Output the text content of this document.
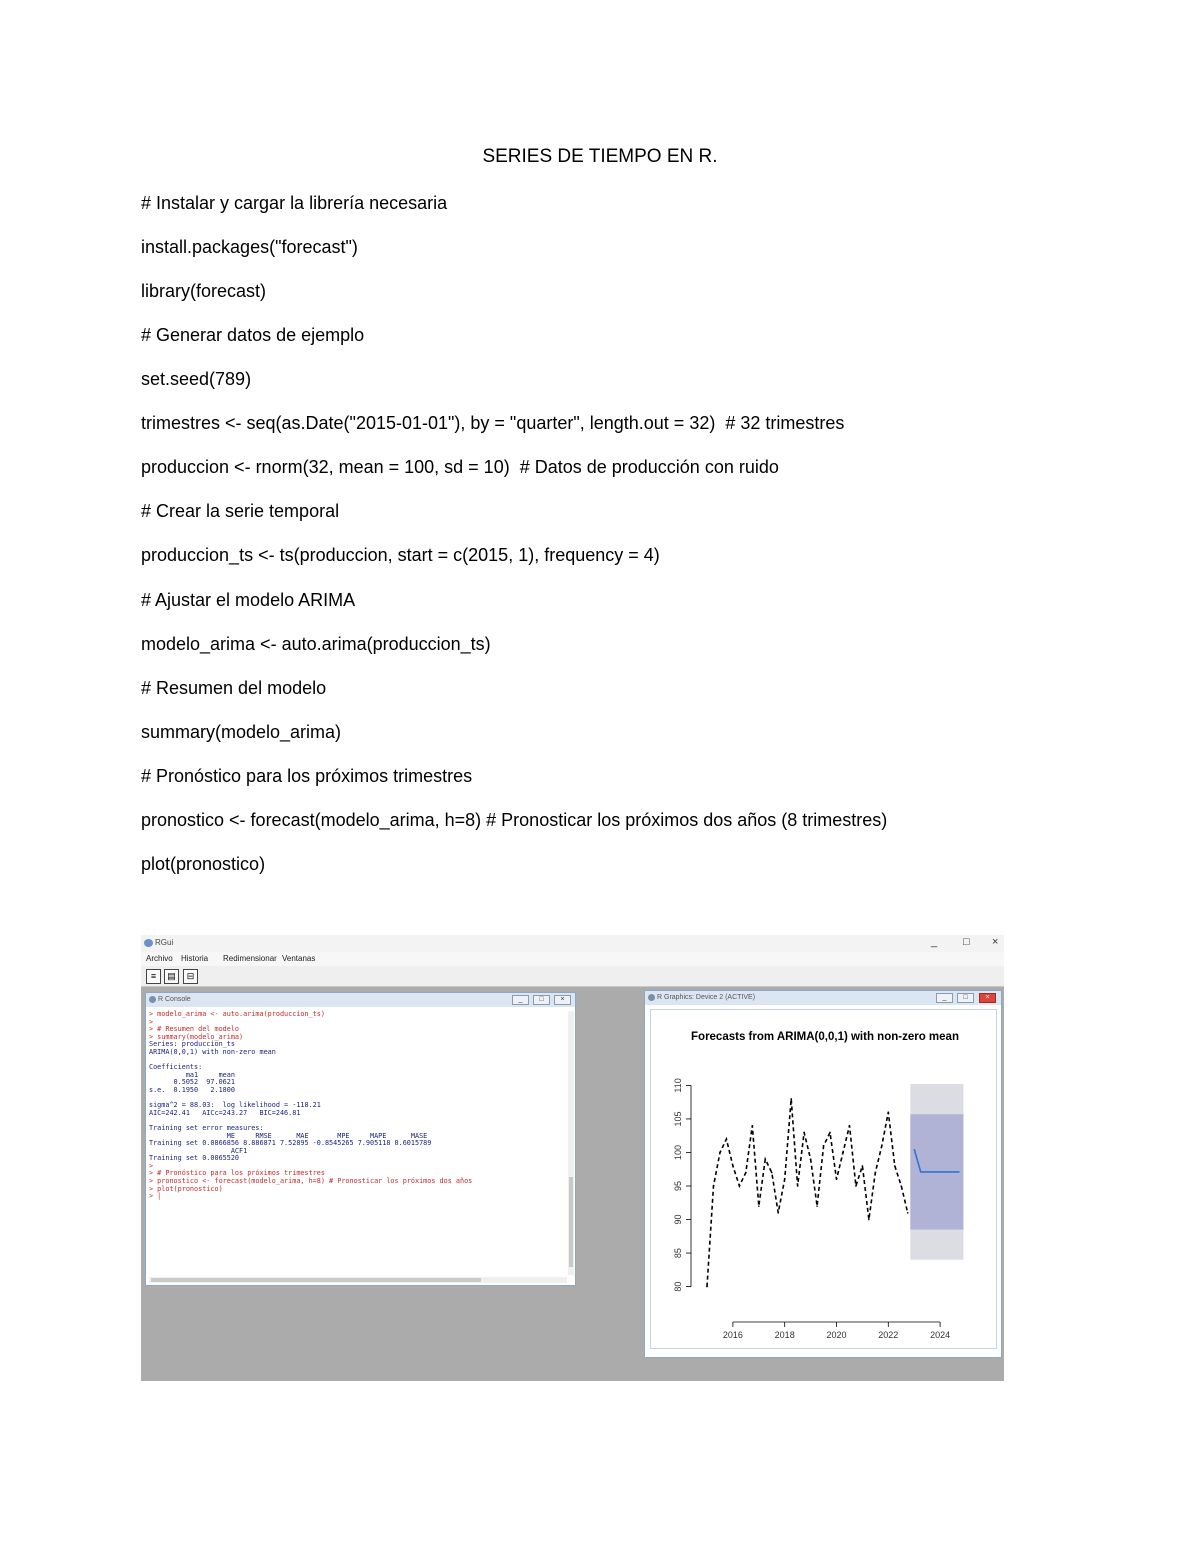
SERIES DE TIEMPO EN R.
# Instalar y cargar la librería necesaria
install.packages("forecast")
library(forecast)
# Generar datos de ejemplo
set.seed(789)
trimestres <- seq(as.Date("2015-01-01"), by = "quarter", length.out = 32)  # 32 trimestres
produccion <- rnorm(32, mean = 100, sd = 10)  # Datos de producción con ruido
# Crear la serie temporal
produccion_ts <- ts(produccion, start = c(2015, 1), frequency = 4)
# Ajustar el modelo ARIMA
modelo_arima <- auto.arima(produccion_ts)
# Resumen del modelo
summary(modelo_arima)
# Pronóstico para los próximos trimestres
pronostico <- forecast(modelo_arima, h=8) # Pronosticar los próximos dos años (8 trimestres)
plot(pronostico)
RGui	_ □ ×
Archivo Historia Redimensionar Ventanas
≡	▤	⊟
R Console	_	□	×
> modelo_arima <- auto.arima(produccion_ts)
>
> # Resumen del modelo
> summary(modelo_arima)
Series: produccion_ts
ARIMA(0,0,1) with non-zero mean
Coefficients:
ma1     mean
0.5052  97.0621
s.e.  0.1950   2.1800
sigma^2 = 88.03:  log likelihood = -118.21
AIC=242.41   AICc=243.27   BIC=246.81
Training set error measures:
ME     RMSE      MAE       MPE     MAPE      MASE
Training set 0.0866856 8.886871 7.52895 -0.8545265 7.905118 0.6015789
ACF1
Training set 0.0065520
>
> # Pronóstico para los próximos trimestres
> pronostico <- forecast(modelo_arima, h=8) # Pronosticar los próximos dos años
> plot(pronostico)
> |
R Graphics: Device 2 (ACTIVE)	_	□	×
Forecasts from ARIMA(0,0,1) with non-zero mean
2016	2018	2020	2022	2024
80
85
90
95
100
105
110
